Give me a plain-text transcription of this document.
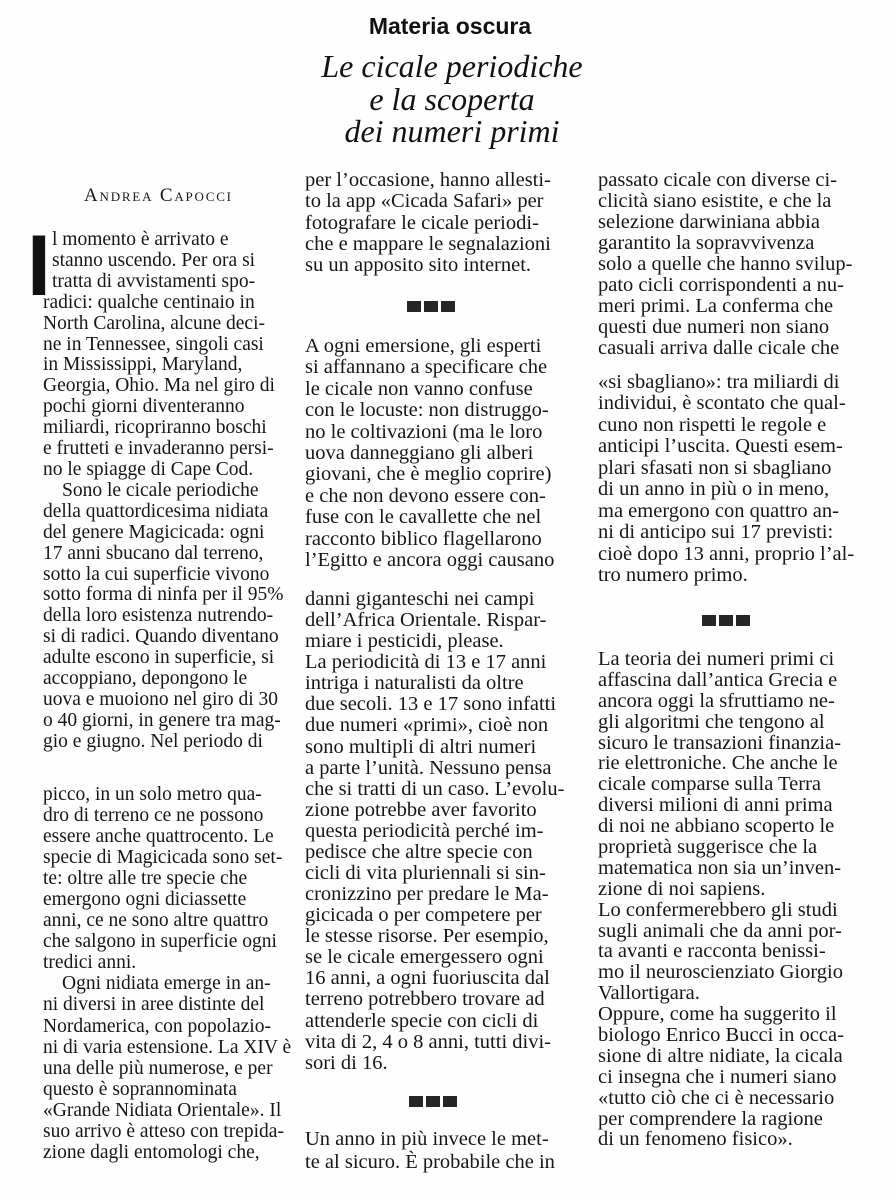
Materia oscura
Le cicale periodiche
e la scoperta
dei numeri primi
Andrea Capocci
I l momento è arrivato e
stanno uscendo. Per ora si
tratta di avvistamenti spo-
radici: qualche centinaio in
North Carolina, alcune deci-
ne in Tennessee, singoli casi
in Mississippi, Maryland,
Georgia, Ohio. Ma nel giro di
pochi giorni diventeranno
miliardi, ricopriranno boschi
e frutteti e invaderanno persi-
no le spiagge di Cape Cod.
Sono le cicale periodiche
della quattordicesima nidiata
del genere Magicicada: ogni
17 anni sbucano dal terreno,
sotto la cui superficie vivono
sotto forma di ninfa per il 95%
della loro esistenza nutrendo-
si di radici. Quando diventano
adulte escono in superficie, si
accoppiano, depongono le
uova e muoiono nel giro di 30
o 40 giorni, in genere tra mag-
gio e giugno. Nel periodo di
picco, in un solo metro qua-
dro di terreno ce ne possono
essere anche quattrocento. Le
specie di Magicicada sono set-
te: oltre alle tre specie che
emergono ogni diciassette
anni, ce ne sono altre quattro
che salgono in superficie ogni
tredici anni.
Ogni nidiata emerge in an-
ni diversi in aree distinte del
Nordamerica, con popolazio-
ni di varia estensione. La XIV è
una delle più numerose, e per
questo è soprannominata
«Grande Nidiata Orientale». Il
suo arrivo è atteso con trepida-
zione dagli entomologi che,
per l’occasione, hanno allesti-
to la app «Cicada Safari» per
fotografare le cicale periodi-
che e mappare le segnalazioni
su un apposito sito internet.
A ogni emersione, gli esperti
si affannano a specificare che
le cicale non vanno confuse
con le locuste: non distruggo-
no le coltivazioni (ma le loro
uova danneggiano gli alberi
giovani, che è meglio coprire)
e che non devono essere con-
fuse con le cavallette che nel
racconto biblico flagellarono
l’Egitto e ancora oggi causano
danni giganteschi nei campi
dell’Africa Orientale. Rispar-
miare i pesticidi, please.
La periodicità di 13 e 17 anni
intriga i naturalisti da oltre
due secoli. 13 e 17 sono infatti
due numeri «primi», cioè non
sono multipli di altri numeri
a parte l’unità. Nessuno pensa
che si tratti di un caso. L’evolu-
zione potrebbe aver favorito
questa periodicità perché im-
pedisce che altre specie con
cicli di vita pluriennali si sin-
cronizzino per predare le Ma-
gicicada o per competere per
le stesse risorse. Per esempio,
se le cicale emergessero ogni
16 anni, a ogni fuoriuscita dal
terreno potrebbero trovare ad
attenderle specie con cicli di
vita di 2, 4 o 8 anni, tutti divi-
sori di 16.
Un anno in più invece le met-
te al sicuro. È probabile che in
passato cicale con diverse ci-
clicità siano esistite, e che la
selezione darwiniana abbia
garantito la sopravvivenza
solo a quelle che hanno svilup-
pato cicli corrispondenti a nu-
meri primi. La conferma che
questi due numeri non siano
casuali arriva dalle cicale che
«si sbagliano»: tra miliardi di
individui, è scontato che qual-
cuno non rispetti le regole e
anticipi l’uscita. Questi esem-
plari sfasati non si sbagliano
di un anno in più o in meno,
ma emergono con quattro an-
ni di anticipo sui 17 previsti:
cioè dopo 13 anni, proprio l’al-
tro numero primo.
La teoria dei numeri primi ci
affascina dall’antica Grecia e
ancora oggi la sfruttiamo ne-
gli algoritmi che tengono al
sicuro le transazioni finanzia-
rie elettroniche. Che anche le
cicale comparse sulla Terra
diversi milioni di anni prima
di noi ne abbiano scoperto le
proprietà suggerisce che la
matematica non sia un’inven-
zione di noi sapiens.
Lo confermerebbero gli studi
sugli animali che da anni por-
ta avanti e racconta benissi-
mo il neuroscienziato Giorgio
Vallortigara.
Oppure, come ha suggerito il
biologo Enrico Bucci in occa-
sione di altre nidiate, la cicala
ci insegna che i numeri siano
«tutto ciò che ci è necessario
per comprendere la ragione
di un fenomeno fisico».
